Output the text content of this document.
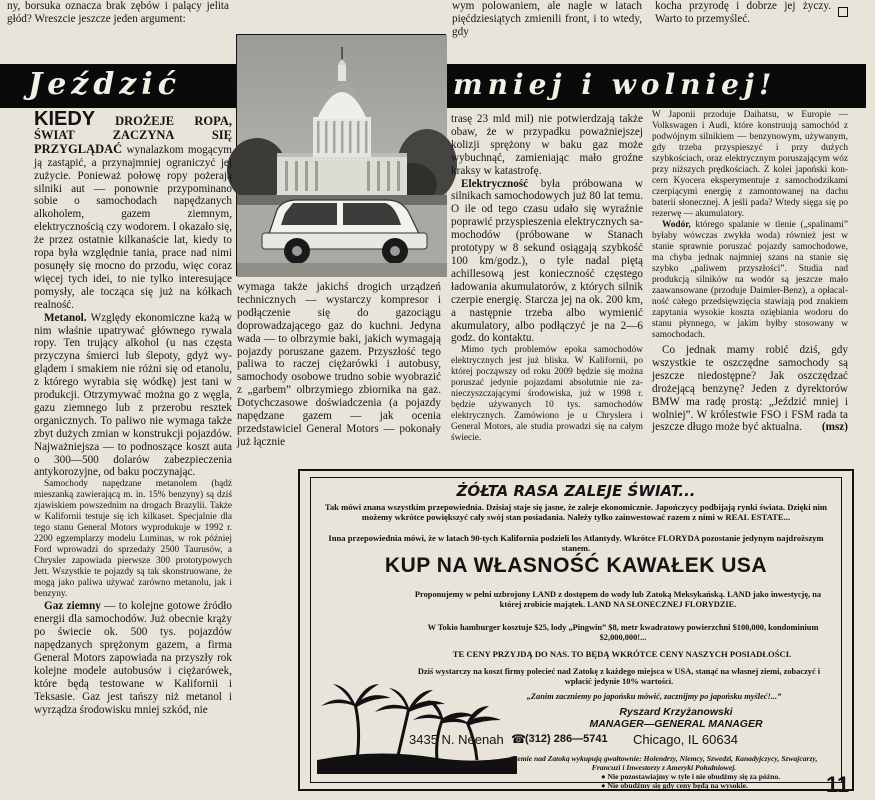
ny, borsuka oznacza brak zębów i palący jelita głód? Wreszcie jeszcze jeden argument:

wym polowaniem, ale nagle w latach pięćdziesiątych zmienili front, i to wtedy, gdy

kocha przyrodę i dobrze jej życzy. Warto to przemyśleć.

Jeździć	mniej i wolniej!

KIEDY DROŻEJE ROPA, ŚWIAT ZACZYNA SIĘ PRZYGLĄDAĆ wynalazkom mogącym ją zastąpić, a przynajmniej ograniczyć jej zużycie. Ponieważ połowę ropy pożerają silniki aut — ponownie przypominano sobie o samochodach napędzanych alkoholem, gazem ziemnym, elektrycznością czy wodorem. I okazało się, że przez ostatnie kilkanaście lat, kiedy to ropa była względnie tania, prace nad nimi posunęły się mocno do przodu, więc coraz więcej tych idei, to nie tylko interesujące pomysły, ale tocząca się już na kółkach realność.

Metanol. Względy ekonomiczne każą w nim właśnie upatrywać głównego rywala ropy. Ten trujący alkohol (u nas częsta przyczyna śmierci lub ślepoty, gdyż wyglądem i smakiem nie różni się od etanolu, z którego wyrabia się wódkę) jest tani w produkcji. Otrzymywać można go z węgla, gazu ziemnego lub z przerobu resztek organicznych. To paliwo nie wymaga także zbyt dużych zmian w konstrukcji pojazdów. Najważniejsza — to podnoszące koszt auta o 300—500 dolarów zabezpieczenia antykorozyjne, od baku poczynając.

Samochody napędzane metanolem (bądź mieszanką zawierającą m. in. 15% benzyny) są dziś zjawiskiem powszednim na drogach Brazylii. Także w Kalifornii testuje się ich kilkaset. Specjalnie dla tego stanu General Motors wyprodukuje w 1992 r. 2200 egzemplarzy modelu Luminas, w rok później Ford wprowadzi do sprzedaży 2500 Taurusów, a Chrysler zapowiada pierwsze 300 prototypowych Jett. Wszystkie te pojazdy są tak skonstruowane, że mogą jako paliwa używać zarówno metanolu, jak i benzyny.

Gaz ziemny — to kolejne gotowe źródło energii dla samochodów. Już obecnie krąży po świecie ok. 500 tys. pojazdów napędzanych sprężonym gazem, a firma General Motors zapowiada na przyszły rok kolejne modele autobusów i ciężarówek, które będą testowane w Kalifornii i Teksasie. Gaz jest tańszy niż metanol i wyrządza środowisku mniej szkód, nie

wymaga także jakichś drogich urządzeń technicznych — wystarczy kompresor i podłączenie się do gazociągu doprowadzającego gaz do kuchni. Jedyna wada — to olbrzymie baki, jakich wymagają pojazdy poruszane gazem. Przyszłość tego paliwa to raczej ciężarówki i autobusy, samochody osobowe trudno sobie wyobrazić z „garbem” olbrzymiego zbiornika na gaz. Dotychczasowe doświadczenia (a pojazdy napędzane gazem — jak ocenia przedstawiciel General Motors — pokonały już łącznie

trasę 23 mld mil) nie potwierdzają także obaw, że w przypadku poważniejszej kolizji sprężony w baku gaz może wybuchnąć, zamieniając mało groźne kraksy w katastrofę.

Elektryczność była próbowana w silnikach samochodowych już 80 lat temu. O ile od tego czasu udało się wyraźnie poprawić przyspieszenia elektrycznych samochodów (próbowane w Stanach prototypy w 8 sekund osiągają szybkość 100 km/godz.), o tyle nadal piętą achillesową jest konieczność częstego ładowania akumulatorów, z których silnik czerpie energię. Starcza jej na ok. 200 km, a następnie trzeba albo wymienić akumulatory, albo podłączyć je na 2—6 godz. do kontaktu.

Mimo tych problemów epoka samochodów elektrycznych jest już bliska. W Kalifornii, po której począwszy od roku 2009 będzie się można poruszać jedynie pojazdami absolutnie nie zanieczyszczającymi środowiska, już w 1998 r. będzie używanych 10 tys. samochodów elektrycznych. Zamówiono je u Chryslera i General Motors, ale studia prowadzi się na całym świecie.

W Japonii przoduje Daihatsu, w Europie — Volkswagen i Audi, które konstruują samochód z podwójnym silnikiem — benzynowym, używanym, gdy trzeba przyspieszyć i przy dużych szybkościach, oraz elektrycznym poruszającym wóz przy niższych prędkościach. Z kolei japoński koncern Kyocera eksperymentuje z samochodzikami czerpiącymi energię z zamontowanej na dachu baterii słonecznej. A jeśli pada? Wtedy sięga się po rezerwę — akumulatory.

Wodór, którego spalanie w tlenie („spalinami” byłaby wówczas zwykła woda) również jest w stanie sprawnie poruszać pojazdy samochodowe, ma chyba jednak najmniej szans na stanie się szybko „paliwem przyszłości”. Studia nad produkcją silników na wodór są jeszcze mało zaawansowane (przoduje Daimler-Benz), a opłacalność całego przedsięwzięcia stawiają pod znakiem zapytania wysokie koszta oziębiania wodoru do stanu płynnego, w jakim byłby stosowany w samochodach.

Co jednak mamy robić dziś, gdy wszystkie te oszczędne samochody są jeszcze niedostępne? Jak oszczędzać drożejącą benzynę? Jeden z dyrektorów BMW ma radę prostą: „Jeździć mniej i wolniej”. W królestwie FSO i FSM rada ta jeszcze długo może być aktualna.	(msz)

ŻÓŁTA RASA ZALEJE ŚWIAT...
Tak mówi znana wszystkim przepowiednia. Dzisiaj staje się jasne, że zaleje ekonomicznie. Japończycy podbijają rynki świata. Dzięki nim możemy wkrótce powiększyć cały swój stan posiadania. Należy tylko zainwestować razem z nimi w REAL ESTATE...
Inna przepowiednia mówi, że w latach 90-tych Kalifornia podzieli los Atlantydy. Wkrótce FLORYDA pozostanie jedynym najdroższym stanem.
KUP NA WŁASNOŚĆ KAWAŁEK USA
Proponujemy w pełni uzbrojony LAND z dostępem do wody lub Zatoką Meksykańską. LAND jako inwestycję, na której zrobicie majątek. LAND NA SŁONECZNEJ FLORYDZIE.
W Tokio hamburger kosztuje $25, lody „Pingwin” $8, metr kwadratowy powierzchni $100,000, kondominium $2,000,000!...
TE CENY PRZYJDĄ DO NAS. TO BĘDĄ WKRÓTCE CENY NASZYCH POSIADŁOŚCI.
Dziś wystarczy na koszt firmy polecieć nad Zatokę z każdego miejsca w USA, stanąć na własnej ziemi, zobaczyć i wpłacić jedynie 10% wartości.
„Zanim zaczniemy po japońsku mówić, zacznijmy po japońsku myśleć!...”
Ryszard Krzyżanowski
MANAGER—GENERAL MANAGER
3435 N. Neenah ☎ (312) 286—5741 Chicago, IL 60634
Ziemie nad Zatoką wykupują gwałtownie: Holendrzy, Niemcy, Szwedzi, Kanadyjczycy, Szwajcarzy, Francuzi i Inwestorzy z Ameryki Południowej.
● Nie pozostawiajmy w tyle i nie obudźmy się za późno.
● Nie obudźmy się gdy ceny będą na wysokie.	11
